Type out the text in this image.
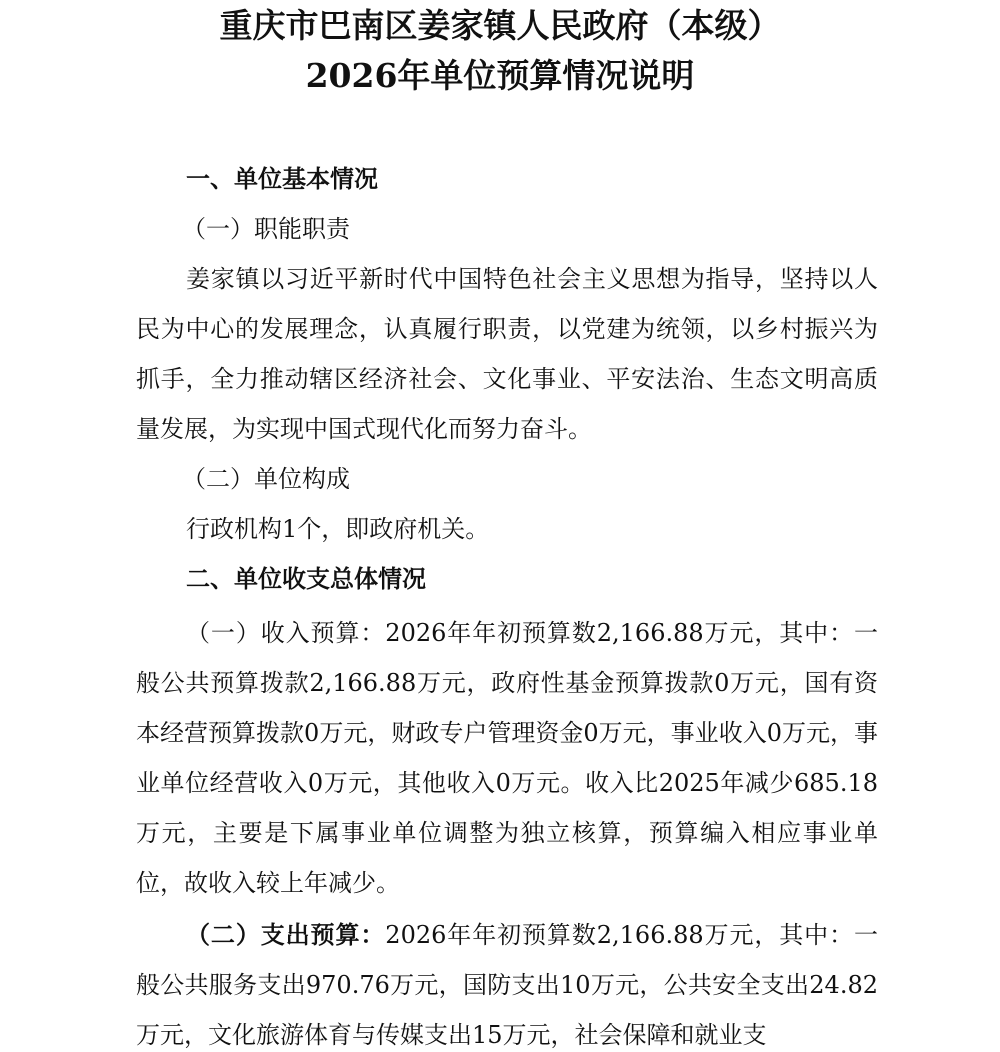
重庆市巴南区姜家镇人民政府（本级）
2026年单位预算情况说明
一、单位基本情况
（一）职能职责
姜家镇以习近平新时代中国特色社会主义思想为指导，坚持以人民为中心的发展理念，认真履行职责，以党建为统领，以乡村振兴为抓手，全力推动辖区经济社会、文化事业、平安法治、生态文明高质量发展，为实现中国式现代化而努力奋斗。
（二）单位构成
行政机构1个，即政府机关。
二、单位收支总体情况
（一）收入预算：2026年年初预算数2,166.88万元，其中：一般公共预算拨款2,166.88万元，政府性基金预算拨款0万元，国有资本经营预算拨款0万元，财政专户管理资金0万元，事业收入0万元，事业单位经营收入0万元，其他收入0万元。收入比2025年减少685.18万元，主要是下属事业单位调整为独立核算，预算编入相应事业单位，故收入较上年减少。
（二）支出预算：2026年年初预算数2,166.88万元，其中：一般公共服务支出970.76万元，国防支出10万元，公共安全支出24.82万元，文化旅游体育与传媒支出15万元，社会保障和就业支
